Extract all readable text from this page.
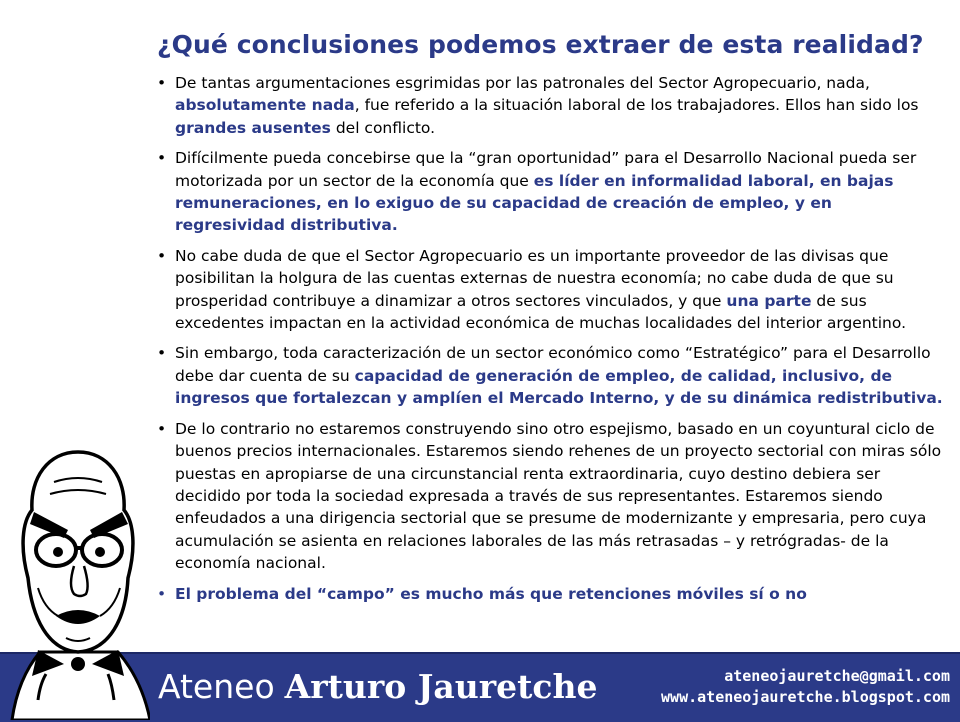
¿Qué conclusiones podemos extraer de esta realidad?
• De tantas argumentaciones esgrimidas por las patronales del Sector Agropecuario, nada, absolutamente nada, fue referido a la situación laboral de los trabajadores. Ellos han sido los grandes ausentes del conflicto.
• Difícilmente pueda concebirse que la “gran oportunidad” para el Desarrollo Nacional pueda ser motorizada por un sector de la economía que es líder en informalidad laboral, en bajas remuneraciones, en lo exiguo de su capacidad de creación de empleo, y en regresividad distributiva.
• No cabe duda de que el Sector Agropecuario es un importante proveedor de las divisas que posibilitan la holgura de las cuentas externas de nuestra economía; no cabe duda de que su prosperidad contribuye a dinamizar a otros sectores vinculados, y que una parte de sus excedentes impactan en la actividad económica de muchas localidades del interior argentino.
• Sin embargo, toda caracterización de un sector económico como “Estratégico” para el Desarrollo debe dar cuenta de su capacidad de generación de empleo, de calidad, inclusivo, de ingresos que fortalezcan y amplíen el Mercado Interno, y de su dinámica redistributiva.
• De lo contrario no estaremos construyendo sino otro espejismo, basado en un coyuntural ciclo de buenos precios internacionales. Estaremos siendo rehenes de un proyecto sectorial con miras sólo puestas en apropiarse de una circunstancial renta extraordinaria, cuyo destino debiera ser decidido por toda la sociedad expresada a través de sus representantes. Estaremos siendo enfeudados a una dirigencia sectorial que se presume de modernizante y empresaria, pero cuya acumulación se asienta en relaciones laborales de las más retrasadas – y retrógradas- de la economía nacional.
• El problema del “campo” es mucho más que retenciones móviles sí o no
Ateneo Arturo Jauretche	ateneojauretche@gmail.com
www.ateneojauretche.blogspot.com
